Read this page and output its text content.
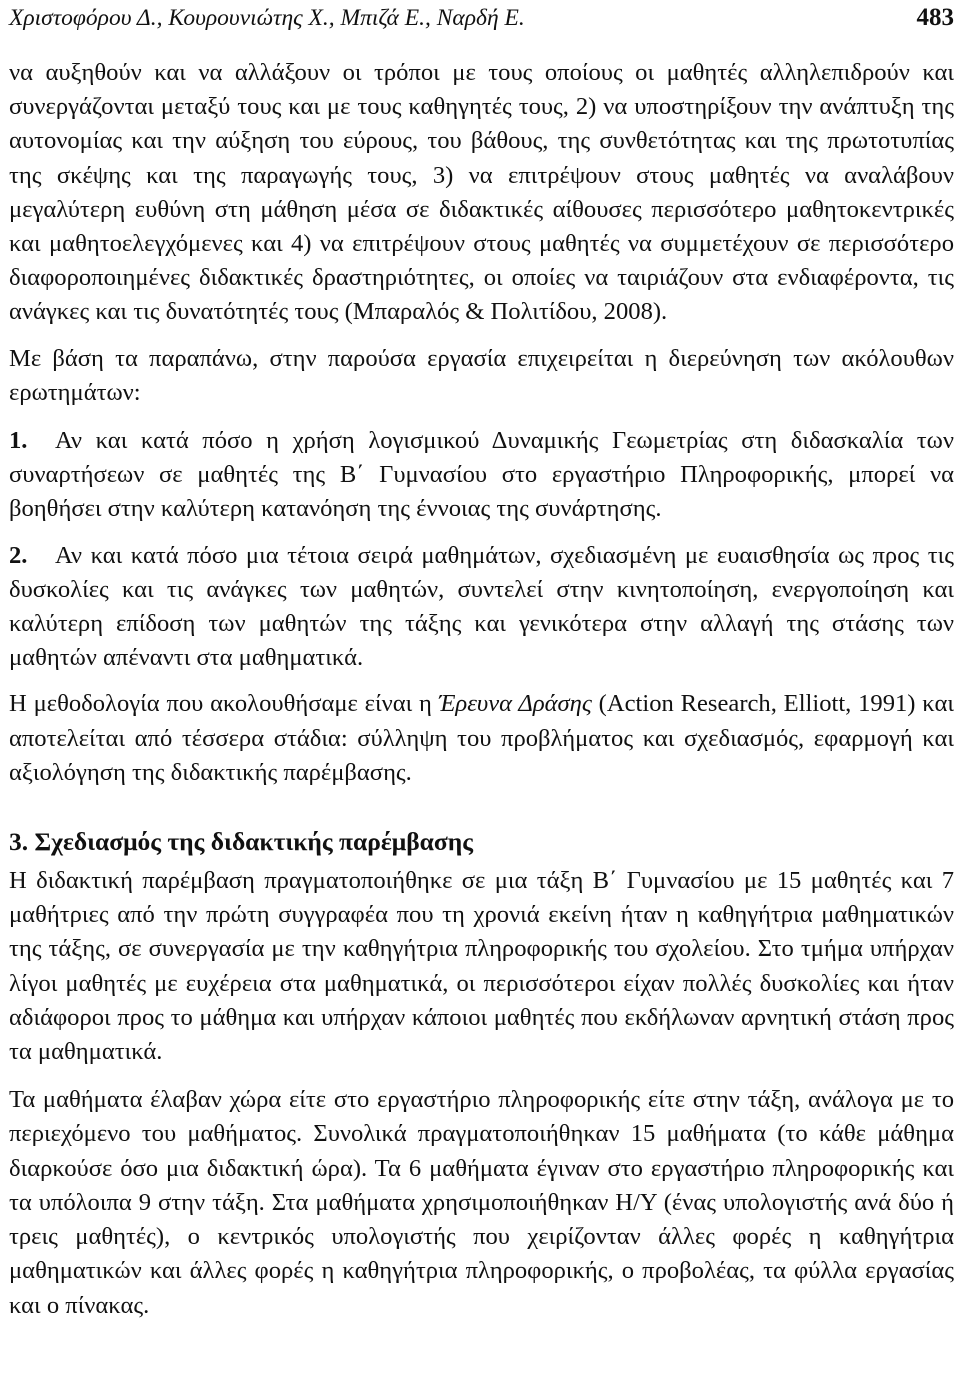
Χριστοφόρου Δ., Κουρουνιώτης Χ., Μπιζά Ε., Ναρδή Ε.	483

να αυξηθούν και να αλλάξουν οι τρόποι με τους οποίους οι μαθητές αλληλεπιδρούν και συνεργάζονται μεταξύ τους και με τους καθηγητές τους, 2) να υποστηρίξουν την ανάπτυξη της αυτονομίας και την αύξηση του εύρους, του βάθους, της συνθετότητας και της πρωτοτυπίας της σκέψης και της παραγωγής τους, 3) να επιτρέψουν στους μαθητές να αναλάβουν μεγαλύτερη ευθύνη στη μάθηση μέσα σε διδακτικές αίθουσες περισσότερο μαθητοκεντρικές και μαθητοελεγχόμενες και 4) να επιτρέψουν στους μαθητές να συμμετέχουν σε περισσότερο διαφοροποιημένες διδακτικές δραστηριότητες, οι οποίες να ταιριάζουν στα ενδιαφέροντα, τις ανάγκες και τις δυνατότητές τους (Μπαραλός & Πολιτίδου, 2008).

Με βάση τα παραπάνω, στην παρούσα εργασία επιχειρείται η διερεύνηση των ακόλουθων ερωτημάτων:

1. Αν και κατά πόσο η χρήση λογισμικού Δυναμικής Γεωμετρίας στη διδασκαλία των συναρτήσεων σε μαθητές της Β΄ Γυμνασίου στο εργαστήριο Πληροφορικής, μπορεί να βοηθήσει στην καλύτερη κατανόηση της έννοιας της συνάρτησης.
2. Αν και κατά πόσο μια τέτοια σειρά μαθημάτων, σχεδιασμένη με ευαισθησία ως προς τις δυσκολίες και τις ανάγκες των μαθητών, συντελεί στην κινητοποίηση, ενεργοποίηση και καλύτερη επίδοση των μαθητών της τάξης και γενικότερα στην αλλαγή της στάσης των μαθητών απέναντι στα μαθηματικά.

Η μεθοδολογία που ακολουθήσαμε είναι η Έρευνα Δράσης (Action Research, Elliott, 1991) και αποτελείται από τέσσερα στάδια: σύλληψη του προβλήματος και σχεδιασμός, εφαρμογή και αξιολόγηση της διδακτικής παρέμβασης.

3. Σχεδιασμός της διδακτικής παρέμβασης

Η διδακτική παρέμβαση πραγματοποιήθηκε σε μια τάξη Β΄ Γυμνασίου με 15 μαθητές και 7 μαθήτριες από την πρώτη συγγραφέα που τη χρονιά εκείνη ήταν η καθηγήτρια μαθηματικών της τάξης, σε συνεργασία με την καθηγήτρια πληροφορικής του σχολείου. Στο τμήμα υπήρχαν λίγοι μαθητές με ευχέρεια στα μαθηματικά, οι περισσότεροι είχαν πολλές δυσκολίες και ήταν αδιάφοροι προς το μάθημα και υπήρχαν κάποιοι μαθητές που εκδήλωναν αρνητική στάση προς τα μαθηματικά.

Τα μαθήματα έλαβαν χώρα είτε στο εργαστήριο πληροφορικής είτε στην τάξη, ανάλογα με το περιεχόμενο του μαθήματος. Συνολικά πραγματοποιήθηκαν 15 μαθήματα (το κάθε μάθημα διαρκούσε όσο μια διδακτική ώρα). Τα 6 μαθήματα έγιναν στο εργαστήριο πληροφορικής και τα υπόλοιπα 9 στην τάξη. Στα μαθήματα χρησιμοποιήθηκαν Η/Υ (ένας υπολογιστής ανά δύο ή τρεις μαθητές), ο κεντρικός υπολογιστής που χειρίζονταν άλλες φορές η καθηγήτρια μαθηματικών και άλλες φορές η καθηγήτρια πληροφορικής, ο προβολέας, τα φύλλα εργασίας και ο πίνακας.
